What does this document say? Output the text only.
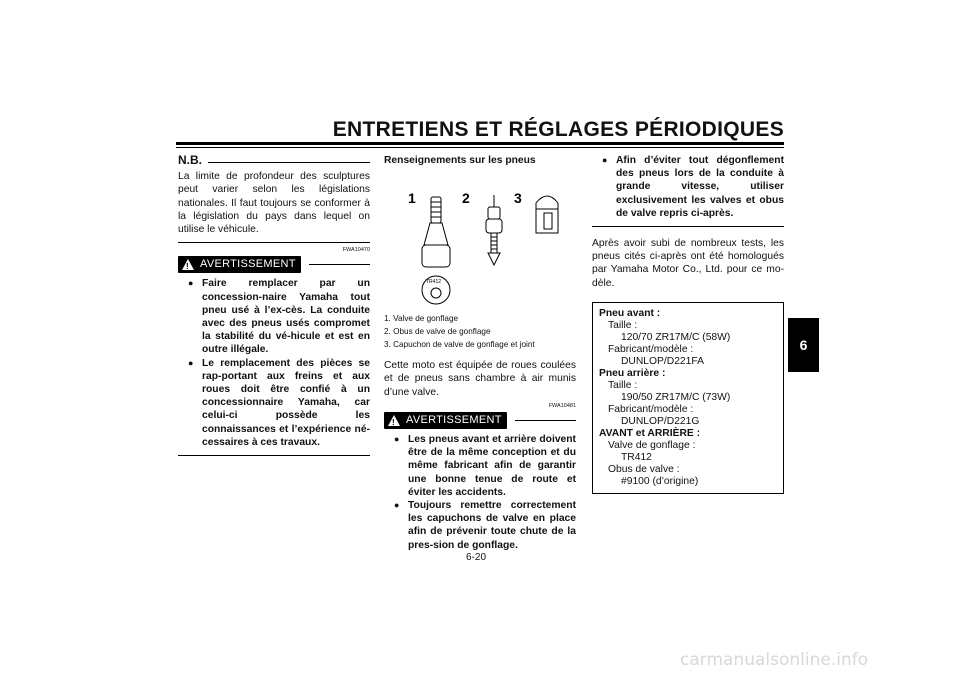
ENTRETIENS ET RÉGLAGES PÉRIODIQUES
6
N.B.

La limite de profondeur des sculptures peut varier selon les législations nationales. Il faut toujours se conformer à la législation du pays dans lequel on utilise le véhicule.

FWA10470
! AVERTISSEMENT
● Faire remplacer par un concession-naire Yamaha tout pneu usé à l’ex-cès. La conduite avec des pneus usés compromet la stabilité du vé-hicule et est en outre illégale.
● Le remplacement des pièces se rap-portant aux freins et aux roues doit être confié à un concessionnaire Yamaha, car celui-ci possède les connaissances et l’expérience né-cessaires à ces travaux.
Renseignements sur les pneus
1	2	3
TR412
1. Valve de gonflage
2. Obus de valve de gonflage
3. Capuchon de valve de gonflage et joint

Cette moto est équipée de roues coulées et de pneus sans chambre à air munis d’une valve.

FWA10481
! AVERTISSEMENT
● Les pneus avant et arrière doivent être de la même conception et du même fabricant afin de garantir une bonne tenue de route et éviter les accidents.
● Toujours remettre correctement les capuchons de valve en place afin de prévenir toute chute de la pres-sion de gonflage.
● Afin d’éviter tout dégonflement des pneus lors de la conduite à grande vitesse, utiliser exclusivement les valves et obus de valve repris ci-après.

Après avoir subi de nombreux tests, les pneus cités ci-après ont été homologués par Yamaha Motor Co., Ltd. pour ce mo-dèle.

Pneu avant :
Taille :
120/70 ZR17M/C (58W)
Fabricant/modèle :
DUNLOP/D221FA
Pneu arrière :
Taille :
190/50 ZR17M/C (73W)
Fabricant/modèle :
DUNLOP/D221G
AVANT et ARRIÈRE :
Valve de gonflage :
TR412
Obus de valve :
#9100 (d’origine)
6-20
carmanualsonline.info
